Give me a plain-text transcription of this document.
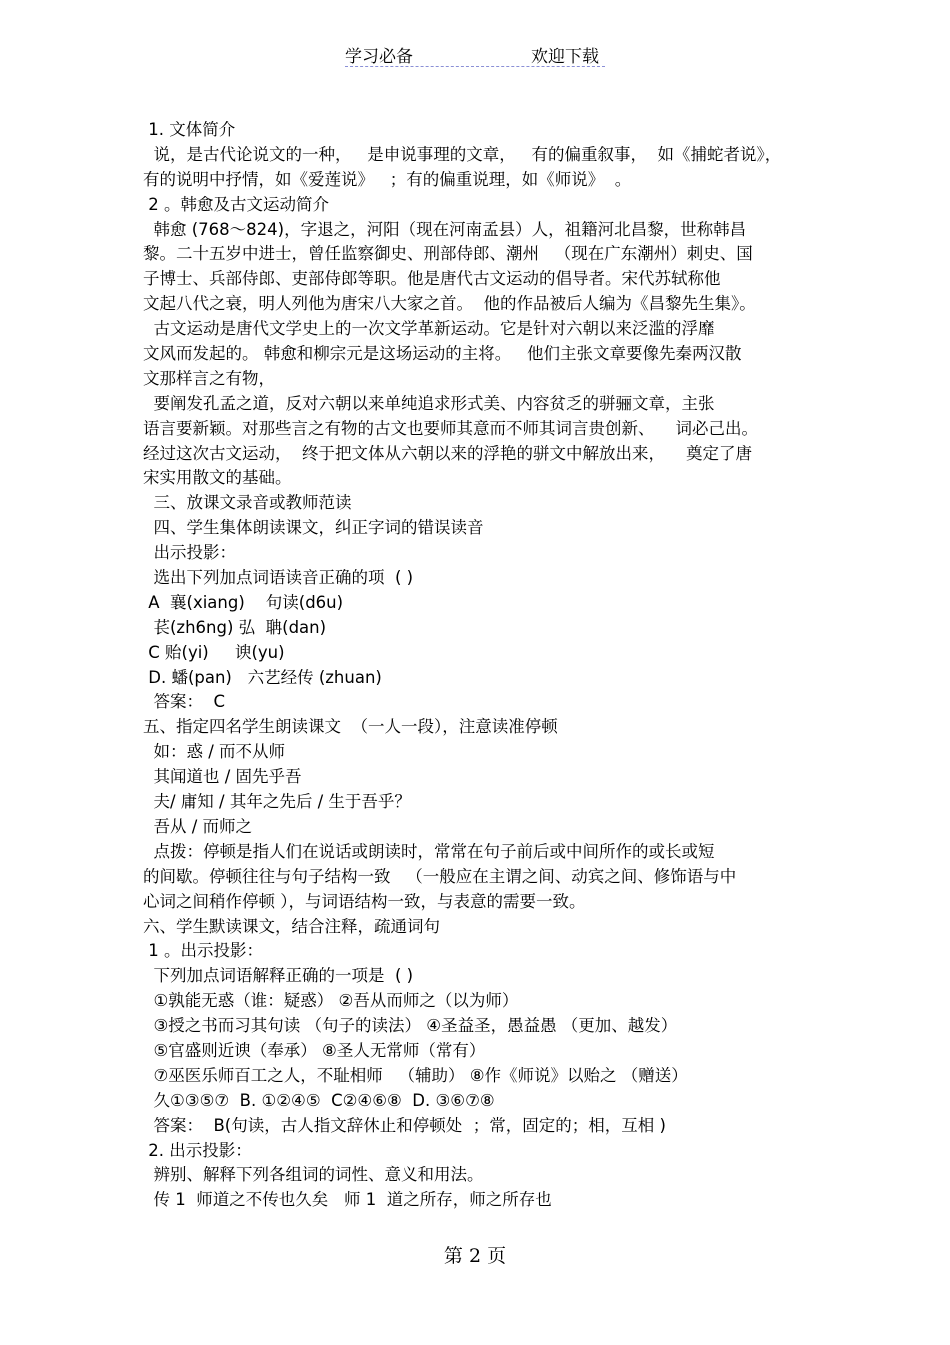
学习必备	欢迎下载
1. 文体简介
说，是古代论说文的一种，   是申说事理的文章，   有的偏重叙事，  如《捕蛇者说》，
有的说明中抒情，如《爱莲说》   ；有的偏重说理，如《师说》  。
2 。韩愈及古文运动简介
韩愈 (768～824)，字退之，河阳（现在河南孟县）人，祖籍河北昌黎，世称韩昌
黎。二十五岁中进士，曾任监察御史、刑部侍郎、潮州   （现在广东潮州）刺史、国
子博士、兵部侍郎、吏部侍郎等职。他是唐代古文运动的倡导者。宋代苏轼称他
文起八代之衰，明人列他为唐宋八大家之首。  他的作品被后人编为《昌黎先生集》。
古文运动是唐代文学史上的一次文学革新运动。它是针对六朝以来泛滥的浮靡
文风而发起的。 韩愈和柳宗元是这场运动的主将。   他们主张文章要像先秦两汉散
文那样言之有物，
要阐发孔孟之道，反对六朝以来单纯追求形式美、内容贫乏的骈骊文章，主张
语言要新颖。对那些言之有物的古文也要师其意而不师其词言贵创新、    词必己出。
经过这次古文运动，  终于把文体从六朝以来的浮艳的骈文中解放出来，    奠定了唐
宋实用散文的基础。
三、放课文录音或教师范读
四、学生集体朗读课文，纠正字词的错误读音
出示投影：
选出下列加点词语读音正确的项  ( )
A  襄(xiang)    句读(d6u)
苌(zh6ng) 弘  聃(dan)
C 贻(yi)     谀(yu)
D. 蟠(pan)   六艺经传 (zhuan)
答案：  C
五、指定四名学生朗读课文  （一人一段），注意读准停顿
如：惑 / 而不从师
其闻道也 / 固先乎吾
夫/ 庸知 / 其年之先后 / 生于吾乎？
吾从 / 而师之
点拨：停顿是指人们在说话或朗读时，常常在句子前后或中间所作的或长或短
的间歇。停顿往往与句子结构一致   （一般应在主谓之间、动宾之间、修饰语与中
心词之间稍作停顿 ），与词语结构一致，与表意的需要一致。
六、学生默读课文，结合注释，疏通词句
1 。出示投影：
下列加点词语解释正确的一项是  ( )
①孰能无惑（谁：疑惑） ②吾从而师之（以为师）
③授之书而习其句读 （句子的读法） ④圣益圣，愚益愚 （更加、越发）
⑤官盛则近谀（奉承） ⑧圣人无常师（常有）
⑦巫医乐师百工之人，不耻相师   （辅助） ⑧作《师说》以贻之 （赠送）
久①③⑤⑦  B. ①②④⑤  C②④⑥⑧  D. ③⑥⑦⑧
答案：  B(句读，古人指文辞休止和停顿处  ；常，固定的；相，互相 )
2. 出示投影：
辨别、解释下列各组词的词性、意义和用法。
传 1  师道之不传也久矣   师 1  道之所存，师之所存也
第 2 页
